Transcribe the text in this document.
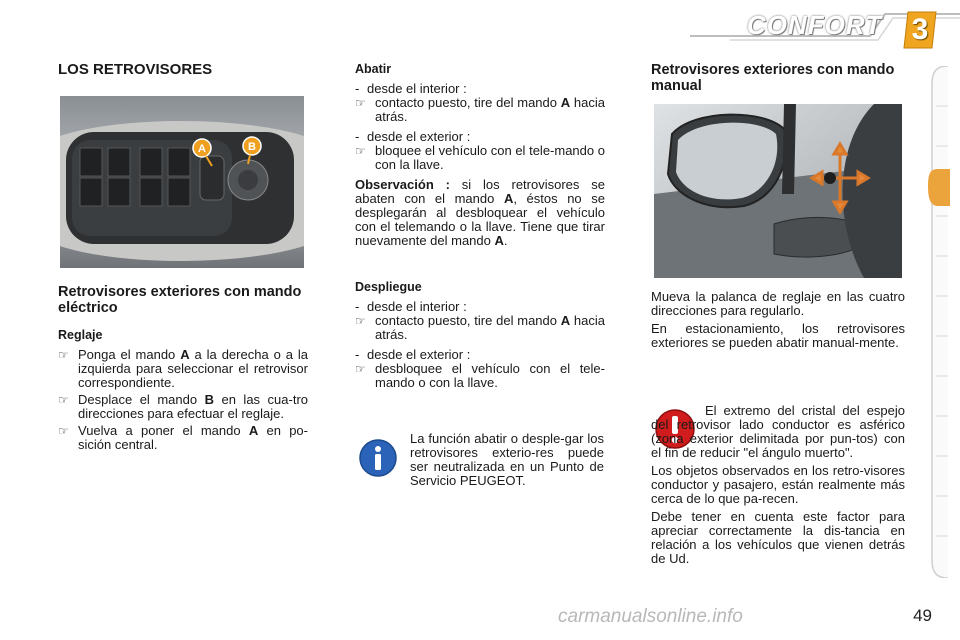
CONFORT 3
LOS RETROVISORES
A	B
Retrovisores exteriores con mando eléctrico
Reglaje
☞ Ponga el mando A a la derecha o a la izquierda para seleccionar el retrovisor correspondiente.
☞ Desplace el mando B en las cua-tro direcciones para efectuar el reglaje.
☞ Vuelva a poner el mando A en po-sición central.
Abatir
- desde el interior :
☞ contacto puesto, tire del mando A hacia atrás.
- desde el exterior :
☞ bloquee el vehículo con el tele-mando o con la llave.

Observación : si los retrovisores se abaten con el mando A, éstos no se desplegarán al desbloquear el vehículo con el telemando o la llave. Tiene que tirar nuevamente del mando A.

Despliegue
- desde el interior :
☞ contacto puesto, tire del mando A hacia atrás.
- desde el exterior :
☞ desbloquee el vehículo con el tele-mando o con la llave.

La función abatir o desple-gar los retrovisores exterio-res puede ser neutralizada en un Punto de Servicio PEUGEOT.

Retrovisores exteriores con mando manual

Mueva la palanca de reglaje en las cuatro direcciones para regularlo.

En estacionamiento, los retrovisores exteriores se pueden abatir manual-mente.

El extremo del cristal del espejo del retrovisor lado conductor es asférico (zona exterior delimitada por pun-tos) con el fin de reducir "el ángulo muerto".

Los objetos observados en los retro-visores conductor y pasajero, están realmente más cerca de lo que pa-recen.

Debe tener en cuenta este factor para apreciar correctamente la dis-tancia en relación a los vehículos que vienen detrás de Ud.

carmanualsonline.info	49
